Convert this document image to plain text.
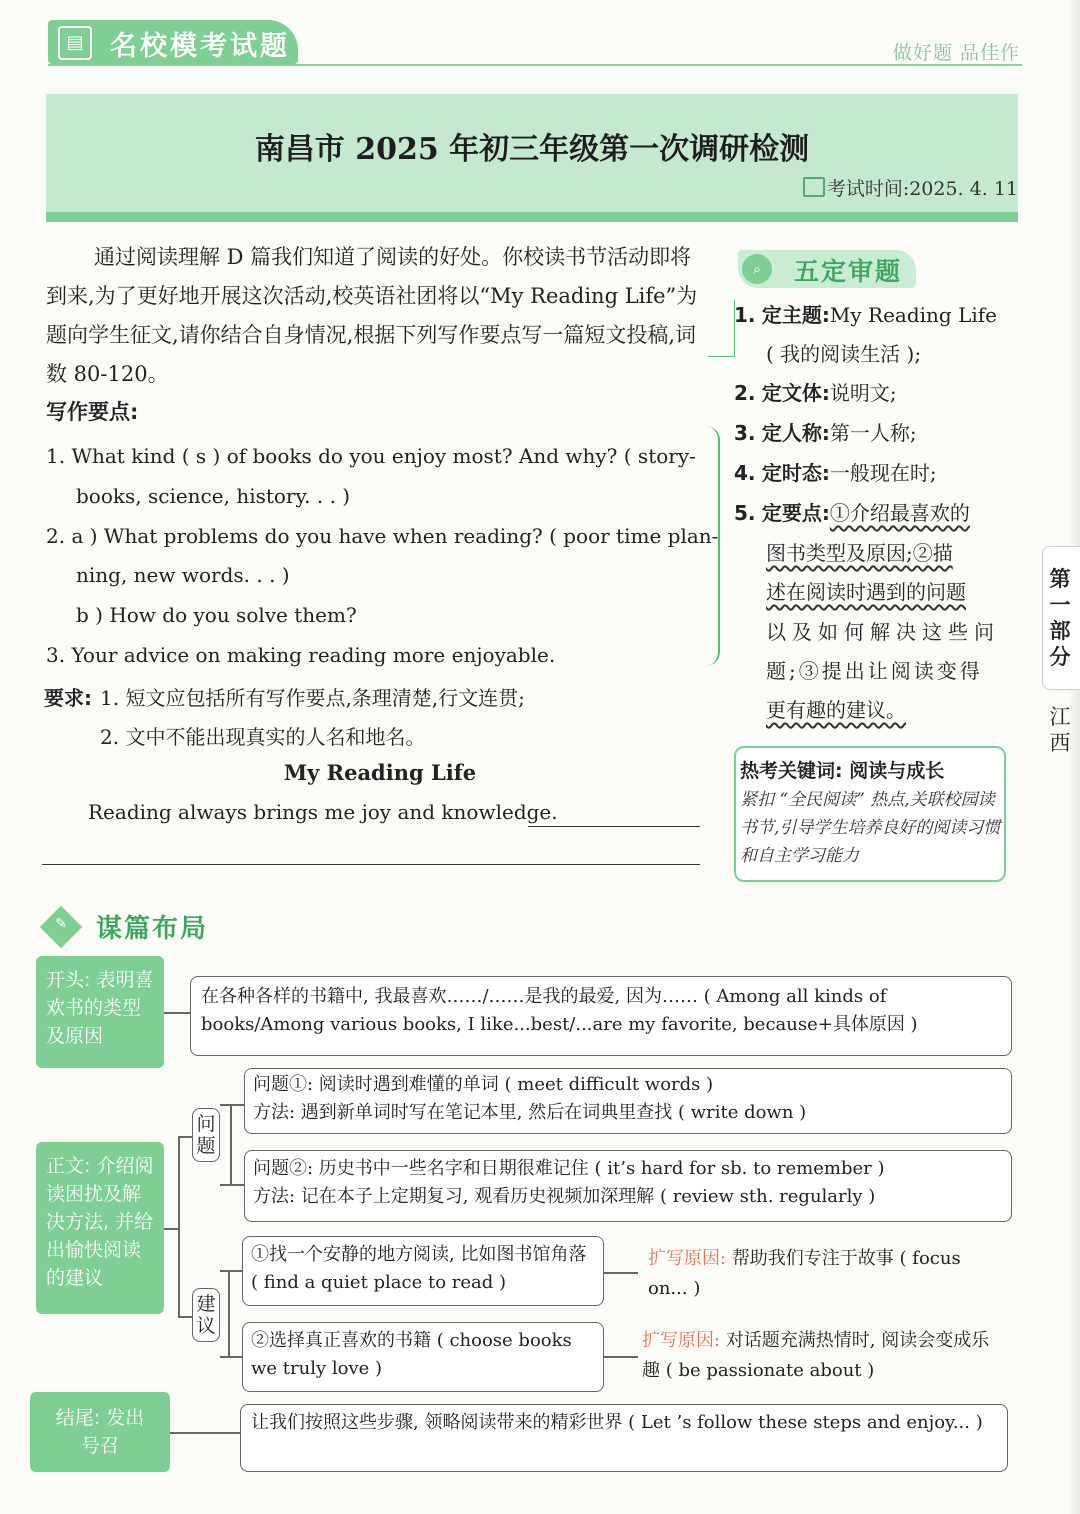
▤ 名校模考试题	做好题 品佳作
南昌市 2025 年初三年级第一次调研检测
考试时间:2025. 4. 11
通过阅读理解 D 篇我们知道了阅读的好处。你校读书节活动即将到来,为了更好地开展这次活动,校英语社团将以“My Reading Life”为题向学生征文,请你结合自身情况,根据下列写作要点写一篇短文投稿,词数 80-120。
写作要点:
1. What kind ( s ) of books do you enjoy most? And why? ( story-
books, science, history. . . )
2. a ) What problems do you have when reading? ( poor time plan-
ning, new words. . . )
b ) How do you solve them?
3. Your advice on making reading more enjoyable.
要求: 1. 短文应包括所有写作要点,条理清楚,行文连贯;
2. 文中不能出现真实的人名和地名。
My Reading Life
Reading always brings me joy and knowledge.
⌕	五定审题
1. 定主题:My Reading Life
( 我的阅读生活 );
2. 定文体:说明文;
3. 定人称:第一人称;
4. 定时态:一般现在时;
5. 定要点:①介绍最喜欢的
图书类型及原因;②描
述在阅读时遇到的问题
以及如何解决这些问
题;③提出让阅读变得
更有趣的建议。
热考关键词: 阅读与成长
紧扣 “全民阅读” 热点,关联校园读书节,引导学生培养良好的阅读习惯和自主学习能力
第一部分
江西
✎ 谋篇布局
开头: 表明喜欢书的类型及原因
在各种各样的书籍中, 我最喜欢……/……是我的最爱, 因为…… ( Among all kinds of books/Among various books, I like...best/...are my favorite, because+具体原因 )
正文: 介绍阅读困扰及解决方法, 并给出愉快阅读的建议
问题
问题①: 阅读时遇到难懂的单词 ( meet difficult words )
方法: 遇到新单词时写在笔记本里, 然后在词典里查找 ( write down )
问题②: 历史书中一些名字和日期很难记住 ( it’s hard for sb. to remember )
方法: 记在本子上定期复习, 观看历史视频加深理解 ( review sth. regularly )
建议
①找一个安静的地方阅读, 比如图书馆角落 ( find a quiet place to read )
扩写原因: 帮助我们专注于故事 ( focus on... )
②选择真正喜欢的书籍 ( choose books we truly love )
扩写原因: 对话题充满热情时, 阅读会变成乐趣 ( be passionate about )
结尾: 发出号召
让我们按照这些步骤, 领略阅读带来的精彩世界 ( Let ’s follow these steps and enjoy... )
